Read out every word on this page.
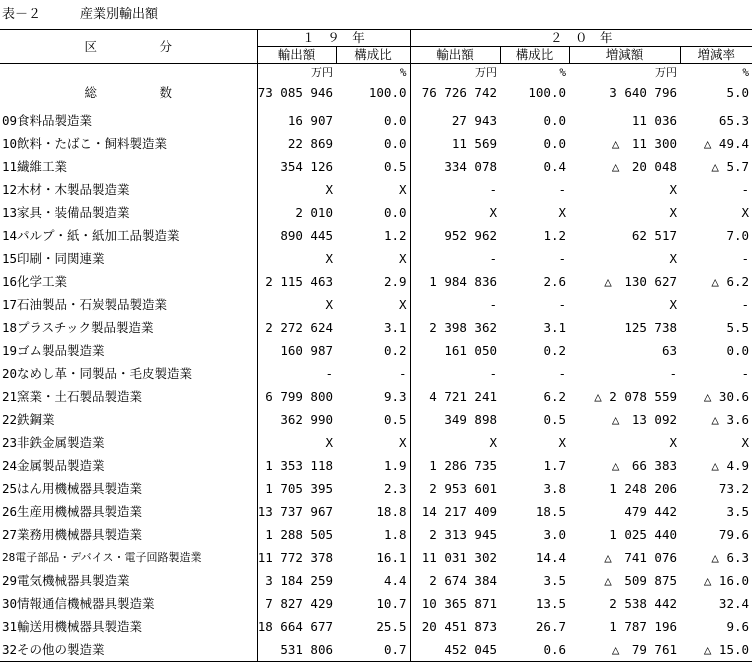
表－２　　　産業別輸出額
区　　　　　分	１　９　年		２　０　年			
	輸出額	構成比	輸出額	構成比	増減額	増減率
	万円	%	万円	%	万円	%
総　　　　　数	73 085 946	100.0	76 726 742	100.0	3 640 796	5.0
09食料品製造業	16 907	0.0	27 943	0.0	11 036	65.3
10飲料・たばこ・飼料製造業	22 869	0.0	11 569	0.0	△　11 300	△ 49.4
11繊維工業	354 126	0.5	334 078	0.4	△　20 048	△ 5.7
12木材・木製品製造業	X	X	-	-	X	-
13家具・装備品製造業	2 010	0.0	X	X	X	X
14パルプ・紙・紙加工品製造業	890 445	1.2	952 962	1.2	62 517	7.0
15印刷・同関連業	X	X	-	-	X	-
16化学工業	2 115 463	2.9	1 984 836	2.6	△　130 627	△ 6.2
17石油製品・石炭製品製造業	X	X	-	-	X	-
18プラスチック製品製造業	2 272 624	3.1	2 398 362	3.1	125 738	5.5
19ゴム製品製造業	160 987	0.2	161 050	0.2	63	0.0
20なめし革・同製品・毛皮製造業	-	-	-	-	-	-
21窯業・土石製品製造業	6 799 800	9.3	4 721 241	6.2	△ 2 078 559	△ 30.6
22鉄鋼業	362 990	0.5	349 898	0.5	△　13 092	△ 3.6
23非鉄金属製造業	X	X	X	X	X	X
24金属製品製造業	1 353 118	1.9	1 286 735	1.7	△　66 383	△ 4.9
25はん用機械器具製造業	1 705 395	2.3	2 953 601	3.8	1 248 206	73.2
26生産用機械器具製造業	13 737 967	18.8	14 217 409	18.5	479 442	3.5
27業務用機械器具製造業	1 288 505	1.8	2 313 945	3.0	1 025 440	79.6
28電子部品・デバイス・電子回路製造業	11 772 378	16.1	11 031 302	14.4	△　741 076	△ 6.3
29電気機械器具製造業	3 184 259	4.4	2 674 384	3.5	△　509 875	△ 16.0
30情報通信機械器具製造業	7 827 429	10.7	10 365 871	13.5	2 538 442	32.4
31輸送用機械器具製造業	18 664 677	25.5	20 451 873	26.7	1 787 196	9.6
32その他の製造業	531 806	0.7	452 045	0.6	△　79 761	△ 15.0
